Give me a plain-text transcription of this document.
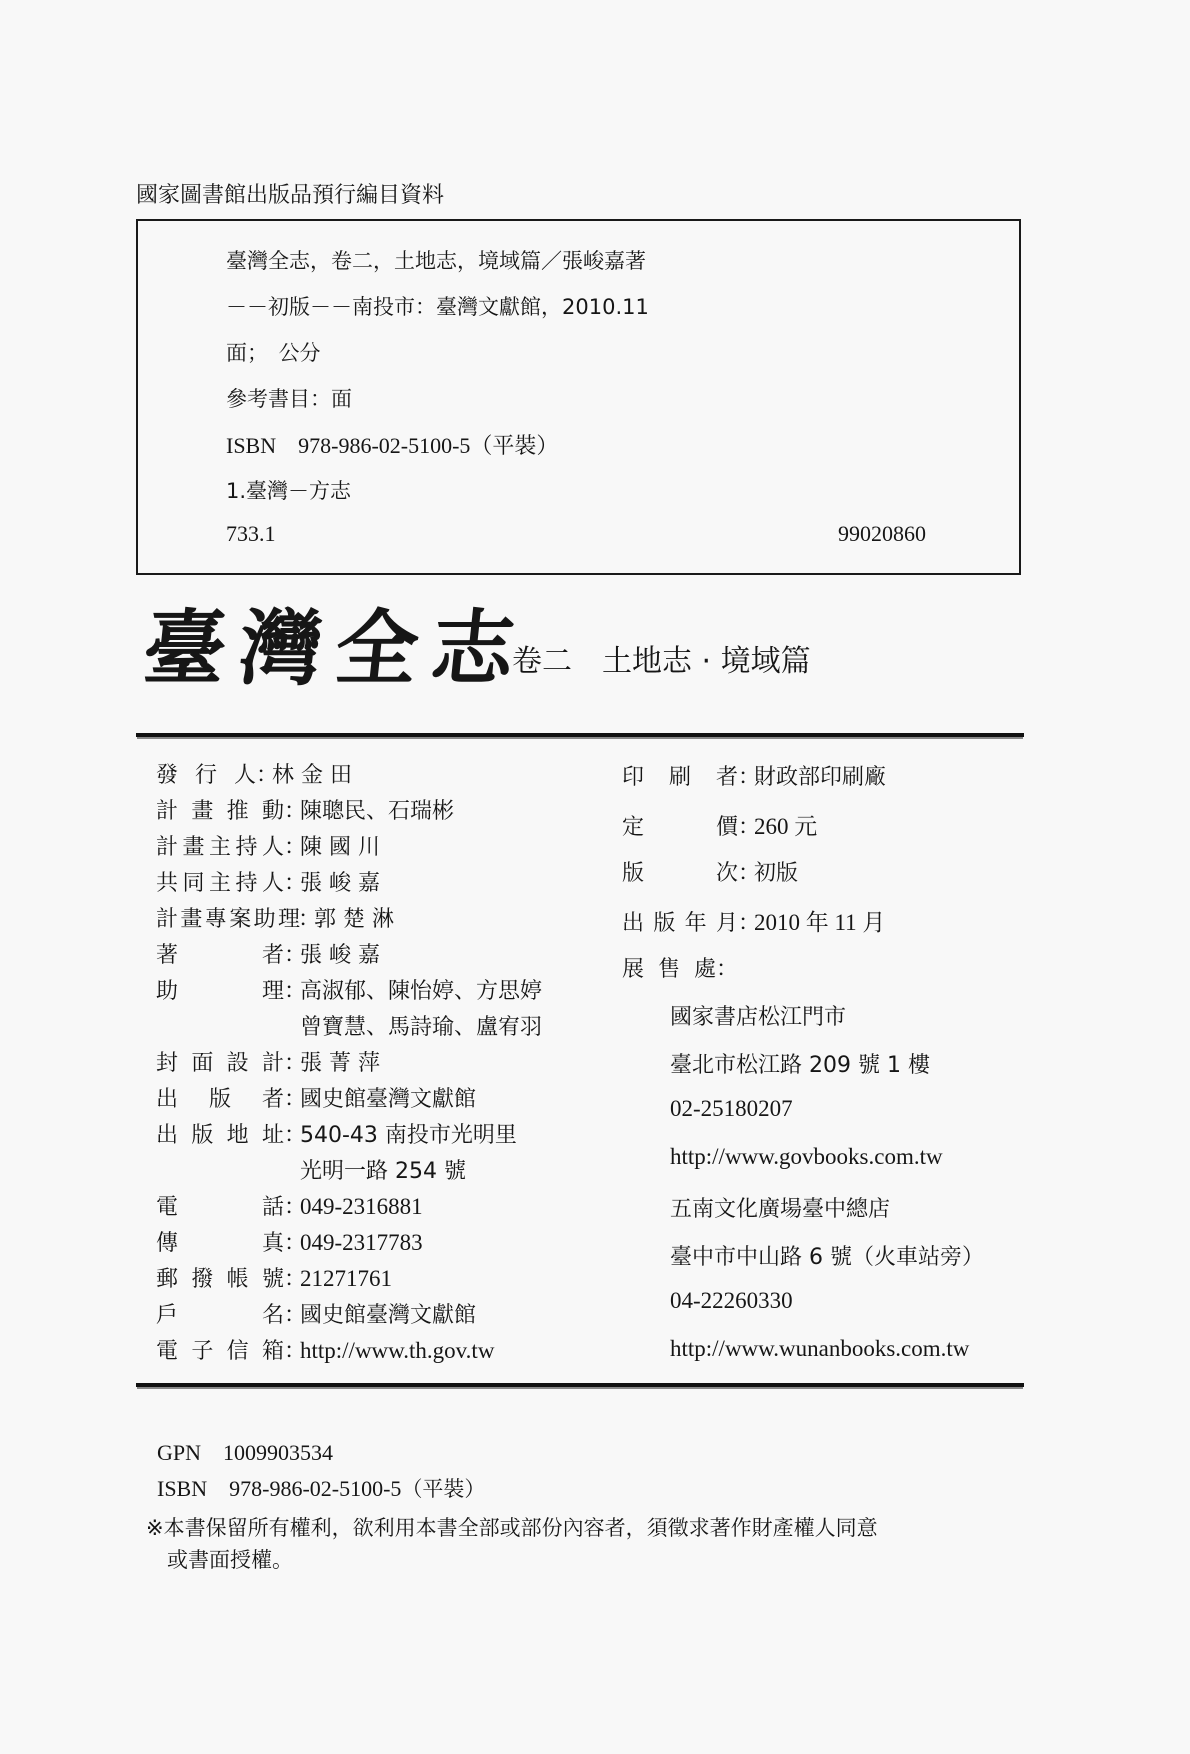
國家圖書館出版品預行編目資料
臺灣全志，卷二，土地志，境域篇／張峻嘉著
－－初版－－南投市：臺灣文獻館，2010.11
面；　公分
參考書目：面
ISBN　978-986-02-5100-5（平裝）
1.臺灣－方志
733.1	99020860
臺灣全志
卷二　土地志 · 境域篇
發行人 ：
林 金 田
計畫推動 ：
陳聰民、石瑞彬
計畫主持人 ：
陳 國 川
共同主持人 ：
張 峻 嘉
計畫專案助理 ：
郭 楚 淋
著者 ：
張 峻 嘉
助理 ：
高淑郁、陳怡婷、方思婷
曾寶慧、馬詩瑜、盧宥羽
封面設計 ：
張 菁 萍
出版者 ：
國史館臺灣文獻館
出版地址 ：
540-43 南投市光明里
光明一路 254 號
電話 ：
049-2316881
傳真 ：
049-2317783
郵撥帳號 ：
21271761
戶名 ：
國史館臺灣文獻館
電子信箱 ：
http://www.th.gov.tw
印刷者 ：
財政部印刷廠
定價 ：
260 元
版次 ：
初版
出版年月 ：
2010 年 11 月
展售處 ：
國家書店松江門市
臺北市松江路 209 號 1 樓
02-25180207
http://www.govbooks.com.tw
五南文化廣場臺中總店
臺中市中山路 6 號（火車站旁）
04-22260330
http://www.wunanbooks.com.tw

GPN 1009903534

ISBN 978-986-02-5100-5（平裝）

※本書保留所有權利，欲利用本書全部或部份內容者，須徵求著作財產權人同意
　或書面授權。
